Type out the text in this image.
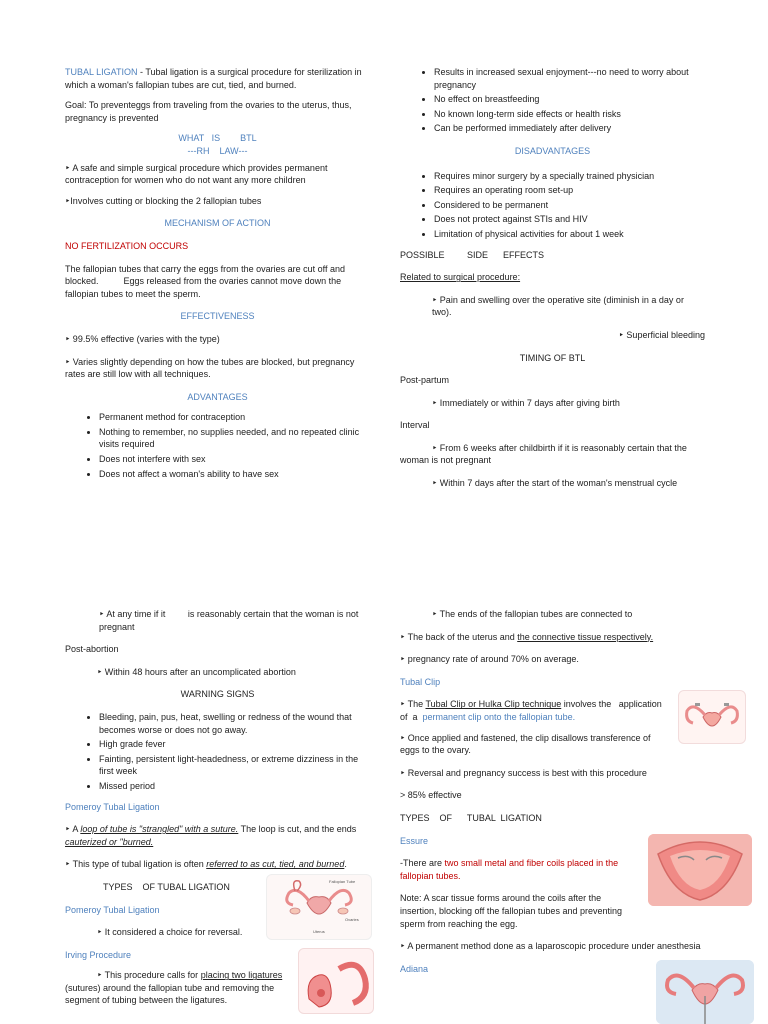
TUBAL LIGATION - Tubal ligation is a surgical procedure for sterilization in which a woman's fallopian tubes are cut, tied, and burned.

Goal: To preventeggs from traveling from the ovaries to the uterus, thus, pregnancy is prevented

WHAT   IS        BTL
---RH    LAW---

‣ A safe and simple surgical procedure which provides permanent contraception for women who do not want any more children

‣Involves cutting or blocking the 2 fallopian tubes

MECHANISM OF ACTION

NO FERTILIZATION OCCURS

The fallopian tubes that carry the eggs from the ovaries are cut off and blocked.          Eggs released from the ovaries cannot move down the fallopian tubes to meet the sperm.

EFFECTIVENESS

‣ 99.5% effective (varies with the type)

‣ Varies slightly depending on how the tubes are blocked, but pregnancy rates are still low with all techniques.

ADVANTAGES

• Permanent method for contraception
• Nothing to remember, no supplies needed, and no repeated clinic visits required
• Does not interfere with sex
• Does not affect a woman's ability to have sex
• Results in increased sexual enjoyment---no need to worry about pregnancy
• No effect on breastfeeding
• No known long-term side effects or health risks
• Can be performed immediately after delivery

DISADVANTAGES

• Requires minor surgery by a specially trained physician
• Requires an operating room set-up
• Considered to be permanent
• Does not protect against STIs and HIV
• Limitation of physical activities for about 1 week

POSSIBLE         SIDE      EFFECTS

Related to surgical procedure:

‣ Pain and swelling over the operative site (diminish in a day or two).

‣ Superficial bleeding

TIMING OF BTL

Post-partum

‣ Immediately or within 7 days after giving birth

Interval

‣ From 6 weeks after childbirth if it is reasonably certain that the woman is not pregnant

‣ Within 7 days after the start of the woman's menstrual cycle

‣ At any time if it         is reasonably certain that the woman is not pregnant

Post-abortion

‣ Within 48 hours after an uncomplicated abortion

WARNING SIGNS

• Bleeding, pain, pus, heat, swelling or redness of the wound that becomes worse or does not go away.
• High grade fever
• Fainting, persistent light-headedness, or extreme dizziness in the first week
• Missed period

Pomeroy Tubal Ligation

‣ A loop of tube is "strangled" with a suture. The loop is cut, and the ends cauterized or "burned.

‣ This type of tubal ligation is often referred to as cut, tied, and burned.

TYPES    OF TUBAL LIGATION

Pomeroy Tubal Ligation

‣ It considered a choice for reversal.

Irving Procedure

‣ This procedure calls for placing two ligatures (sutures) around the fallopian tube and removing the segment of tubing between the ligatures.

Fallopian Tube
Uterus
Ovaries

‣ The ends of the fallopian tubes are connected to

‣ The back of the uterus and the connective tissue respectively.

‣ pregnancy rate of around 70% on average.

Tubal Clip

‣ The Tubal Clip or Hulka Clip technique involves the   application of  a  permanent clip onto the fallopian tube.

‣ Once applied and fastened, the clip disallows transference of eggs to the ovary.

‣ Reversal and pregnancy success is best with this procedure

> 85% effective

TYPES    OF      TUBAL  LIGATION

Essure

-There are two small metal and fiber coils placed in the fallopian tubes.

Note: A scar tissue forms around the coils after the insertion, blocking off the fallopian tubes and preventing sperm from reaching the egg.

‣ A permanent method done as a laparoscopic procedure under anesthesia

Adiana
